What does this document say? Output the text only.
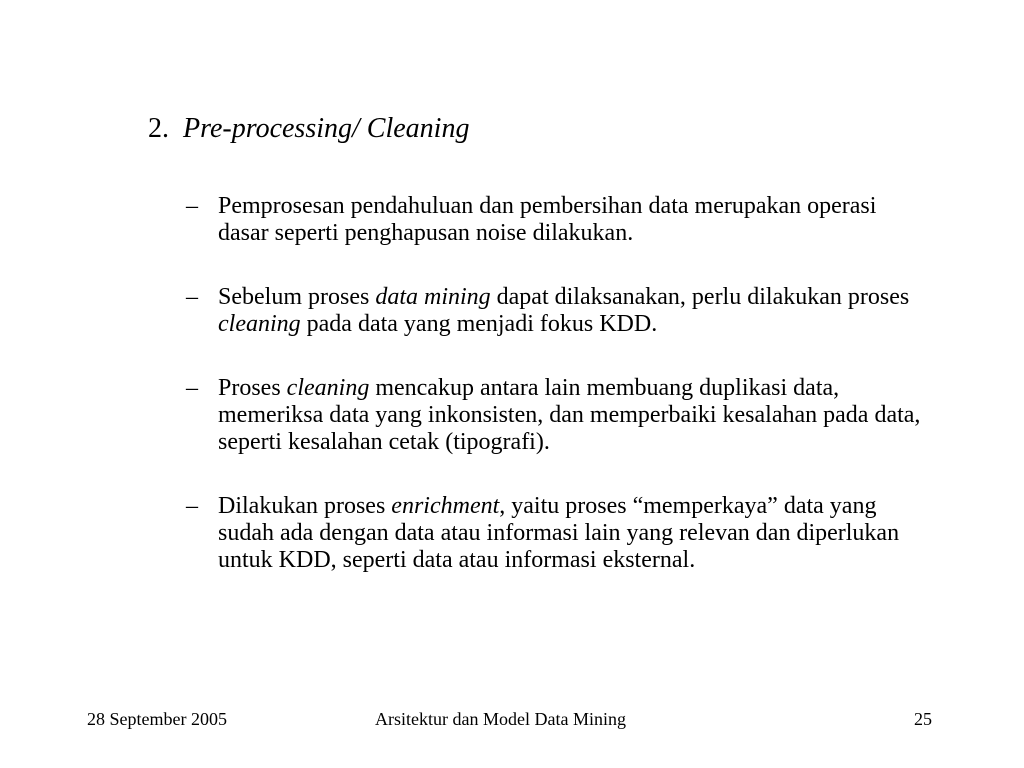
2. Pre-processing/ Cleaning
– Pemprosesan pendahuluan dan pembersihan data merupakan operasi dasar seperti penghapusan noise dilakukan.
– Sebelum proses data mining dapat dilaksanakan, perlu dilakukan proses cleaning pada data yang menjadi fokus KDD.
– Proses cleaning mencakup antara lain membuang duplikasi data, memeriksa data yang inkonsisten, dan memperbaiki kesalahan pada data, seperti kesalahan cetak (tipografi).
– Dilakukan proses enrichment, yaitu proses “memperkaya” data yang sudah ada dengan data atau informasi lain yang relevan dan diperlukan untuk KDD, seperti data atau informasi eksternal.
28 September 2005	Arsitektur dan Model Data Mining	25
